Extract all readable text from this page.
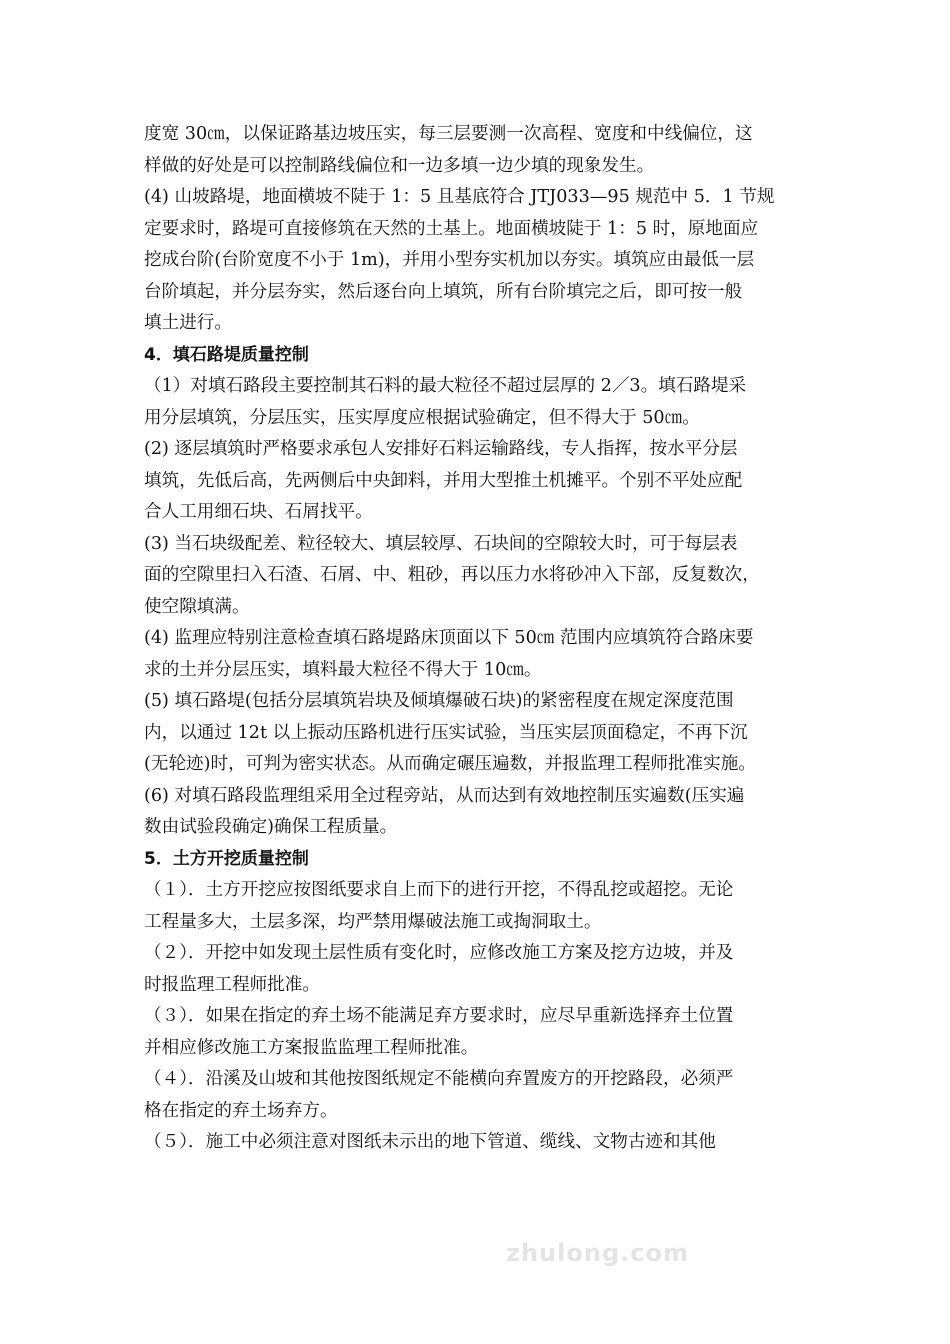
度宽 30㎝，以保证路基边坡压实，每三层要测一次高程、宽度和中线偏位，这
样做的好处是可以控制路线偏位和一边多填一边少填的现象发生。
(4) 山坡路堤，地面横坡不陡于 1：5 且基底符合 JTJ033—95 规范中 5．1 节规
定要求时，路堤可直接修筑在天然的土基上。地面横坡陡于 1：5 时，原地面应
挖成台阶(台阶宽度不小于 1m)，并用小型夯实机加以夯实。填筑应由最低一层
台阶填起，并分层夯实，然后逐台向上填筑，所有台阶填完之后，即可按一般
填土进行。
4．填石路堤质量控制
（1）对填石路段主要控制其石料的最大粒径不超过层厚的 2／3。填石路堤采
用分层填筑，分层压实，压实厚度应根据试验确定，但不得大于 50㎝。
(2) 逐层填筑时严格要求承包人安排好石料运输路线，专人指挥，按水平分层
填筑，先低后高，先两侧后中央卸料，并用大型推土机摊平。个别不平处应配
合人工用细石块、石屑找平。
(3) 当石块级配差、粒径较大、填层较厚、石块间的空隙较大时，可于每层表
面的空隙里扫入石渣、石屑、中、粗砂，再以压力水将砂冲入下部，反复数次，
使空隙填满。
(4) 监理应特别注意检查填石路堤路床顶面以下 50㎝ 范围内应填筑符合路床要
求的土并分层压实，填料最大粒径不得大于 10㎝。
(5) 填石路堤(包括分层填筑岩块及倾填爆破石块)的紧密程度在规定深度范围
内，以通过 12t 以上振动压路机进行压实试验，当压实层顶面稳定，不再下沉
(无轮迹)时，可判为密实状态。从而确定碾压遍数，并报监理工程师批准实施。
(6) 对填石路段监理组采用全过程旁站，从而达到有效地控制压实遍数(压实遍
数由试验段确定)确保工程质量。
5．土方开挖质量控制
（１）．土方开挖应按图纸要求自上而下的进行开挖，不得乱挖或超挖。无论
工程量多大，土层多深，均严禁用爆破法施工或掏洞取土。
（２）．开挖中如发现土层性质有变化时，应修改施工方案及挖方边坡，并及
时报监理工程师批准。
（３）．如果在指定的弃土场不能满足弃方要求时，应尽早重新选择弃土位置
并相应修改施工方案报监监理工程师批准。
（４）．沿溪及山坡和其他按图纸规定不能横向弃置废方的开挖路段，必须严
格在指定的弃土场弃方。
（５）．施工中必须注意对图纸未示出的地下管道、缆线、文物古迹和其他
zhulong.com
